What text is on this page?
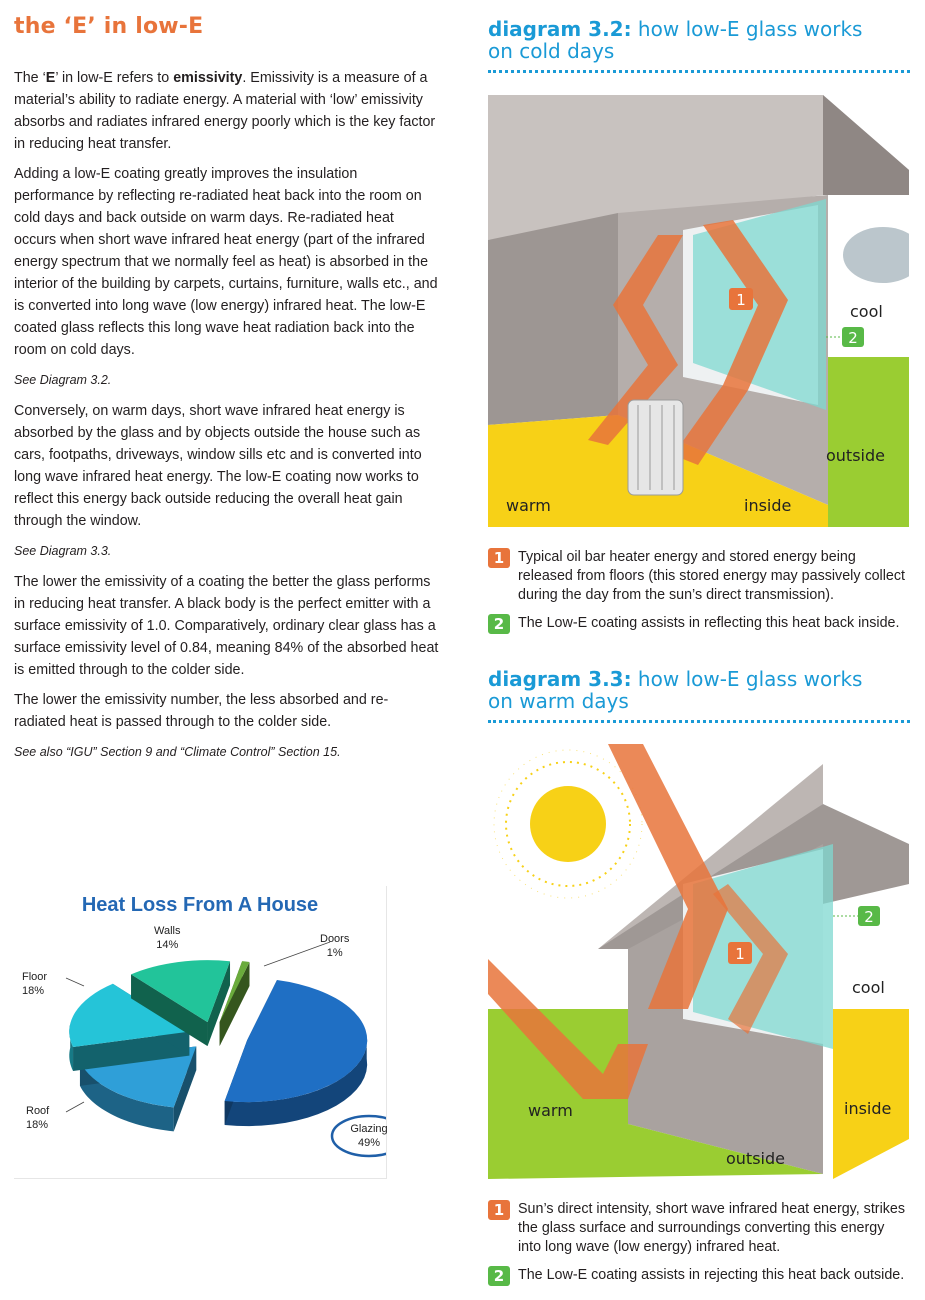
the ‘E’ in low-E

The ‘E’ in low-E refers to emissivity. Emissivity is a measure of a material’s ability to radiate energy. A material with ‘low’ emissivity absorbs and radiates infrared energy poorly which is the key factor in reducing heat transfer.

Adding a low-E coating greatly improves the insulation performance by reflecting re-radiated heat back into the room on cold days and back outside on warm days. Re-radiated heat occurs when short wave infrared heat energy (part of the infrared energy spectrum that we normally feel as heat) is absorbed in the interior of the building by carpets, curtains, furniture, walls etc., and is converted into long wave (low energy) infrared heat. The low-E coated glass reflects this long wave heat radiation back into the room on cold days.

See Diagram 3.2.

Conversely, on warm days, short wave infrared heat energy is absorbed by the glass and by objects outside the house such as cars, footpaths, driveways, window sills etc and is converted into long wave infrared heat energy. The low-E coating now works to reflect this energy back outside reducing the overall heat gain through the window.

See Diagram 3.3.

The lower the emissivity of a coating the better the glass performs in reducing heat transfer. A black body is the perfect emitter with a surface emissivity of 1.0. Comparatively, ordinary clear glass has a surface emissivity level of 0.84, meaning 84% of the absorbed heat is emitted through to the colder side.

The lower the emissivity number, the less absorbed and re-radiated heat is passed through to the colder side.

See also “IGU” Section 9 and “Climate Control” Section 15.

Heat Loss From A House
Walls
14%	Doors
1%
Floor
18%
Roof
18%	Glazing
49%
diagram 3.2: how low-E glass works on cold days
1
2
cool
outside
warm	inside
1 Typical oil bar heater energy and stored energy being released from floors (this stored energy may passively collect during the day from the sun’s direct transmission).
2 The Low-E coating assists in reflecting this heat back inside.
diagram 3.3: how low-E glass works on warm days
1
2
cool
inside
warm
outside
1 Sun’s direct intensity, short wave infrared heat energy, strikes the glass surface and surroundings converting this energy into long wave (low energy) infrared heat.
2 The Low-E coating assists in rejecting this heat back outside.
